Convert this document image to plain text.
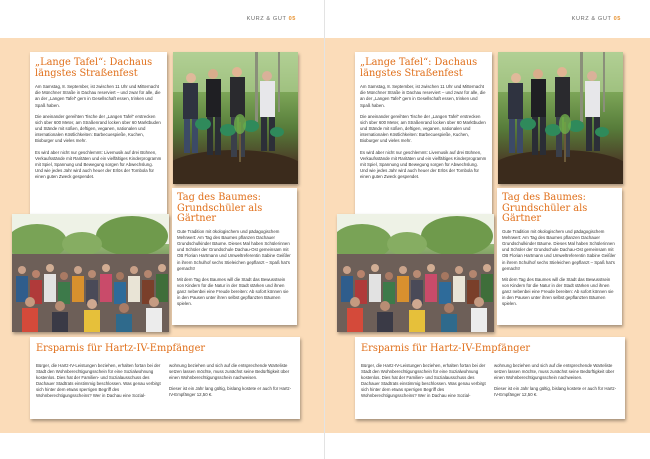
KURZ & GUT 05
„Lange Tafel“: Dachaus längstes Straßenfest

Am Samstag, 8. September, ist zwischen 11 Uhr und Mitternacht die Münchner Straße in Dachau reserviert – und zwar für alle, die an der „Langen Tafel“ gern in Gesellschaft essen, trinken und Spaß haben.

Die aneinander gereihten Tische der „Langen Tafel“ erstrecken sich über 600 Meter, am Straßenrand locken über 60 Marktbuden und Stände mit süßen, deftigen, veganen, nationalen und internationalen Köstlichkeiten: Barbecuespieße, Kuchen, Bioburger und vieles mehr.

Es wird aber nicht nur geschlemmt: Livemusik auf drei Bühnen, Verkaufsstände mit Raritäten und ein vielfältiges Kinderprogramm mit Spiel, Spannung und Bewegung sorgen für Abwechslung. Und wie jedes Jahr wird auch heuer der Erlös der Tombola für einen guten Zweck gespendet.

Tag des Baumes: Grundschüler als Gärtner

Gute Tradition mit ökologischem und pädagogischem Mehrwert: Am Tag des Baumes pflanzen Dachauer Grundschulkinder Bäume. Dieses Mal haben Schülerinnen und Schüler der Grundschule Dachau-Ost gemeinsam mit OB Florian Hartmann und Umweltreferentin Sabine Geißler in ihrem Schulhof sechs Stieleichen gepflanzt – Spaß hat's gemacht!

Mit dem Tag des Baumes will die Stadt das Bewusstsein von Kindern für die Natur in der Stadt stärken und ihnen ganz nebenbei eine Freude bereiten: Ab sofort können sie in den Pausen unter ihren selbst gepflanzten Bäumen spielen.

Ersparnis für Hartz-IV-Empfänger

Bürger, die Hartz-IV-Leistungen beziehen, erhalten fortan bei der Stadt den Wohnberechtigungsschein für eine Sozialwohnung kostenlos. Dies hat der Familien- und Sozialausschuss des Dachauer Stadtrats einstimmig beschlossen. Was genau verbirgt sich hinter dem etwas sperrigen Begriff des Wohnberechtigungsscheins? Wer in Dachau eine Sozial-

wohnung beziehen und sich auf die entsprechende Warteliste setzen lassen möchte, muss zunächst seine Bedürftigkeit über einen Wohnberechtigungsschein nachweisen.

Dieser ist ein Jahr lang gültig, bislang kostete er auch für Hartz-IV-Empfänger 12,50 €.

KURZ & GUT 05
„Lange Tafel“: Dachaus längstes Straßenfest

Am Samstag, 8. September, ist zwischen 11 Uhr und Mitternacht die Münchner Straße in Dachau reserviert – und zwar für alle, die an der „Langen Tafel“ gern in Gesellschaft essen, trinken und Spaß haben.

Die aneinander gereihten Tische der „Langen Tafel“ erstrecken sich über 600 Meter, am Straßenrand locken über 60 Marktbuden und Stände mit süßen, deftigen, veganen, nationalen und internationalen Köstlichkeiten: Barbecuespieße, Kuchen, Bioburger und vieles mehr.

Es wird aber nicht nur geschlemmt: Livemusik auf drei Bühnen, Verkaufsstände mit Raritäten und ein vielfältiges Kinderprogramm mit Spiel, Spannung und Bewegung sorgen für Abwechslung. Und wie jedes Jahr wird auch heuer der Erlös der Tombola für einen guten Zweck gespendet.

Tag des Baumes: Grundschüler als Gärtner

Gute Tradition mit ökologischem und pädagogischem Mehrwert: Am Tag des Baumes pflanzen Dachauer Grundschulkinder Bäume. Dieses Mal haben Schülerinnen und Schüler der Grundschule Dachau-Ost gemeinsam mit OB Florian Hartmann und Umweltreferentin Sabine Geißler in ihrem Schulhof sechs Stieleichen gepflanzt – Spaß hat's gemacht!

Mit dem Tag des Baumes will die Stadt das Bewusstsein von Kindern für die Natur in der Stadt stärken und ihnen ganz nebenbei eine Freude bereiten: Ab sofort können sie in den Pausen unter ihren selbst gepflanzten Bäumen spielen.

Ersparnis für Hartz-IV-Empfänger

Bürger, die Hartz-IV-Leistungen beziehen, erhalten fortan bei der Stadt den Wohnberechtigungsschein für eine Sozialwohnung kostenlos. Dies hat der Familien- und Sozialausschuss des Dachauer Stadtrats einstimmig beschlossen. Was genau verbirgt sich hinter dem etwas sperrigen Begriff des Wohnberechtigungsscheins? Wer in Dachau eine Sozial-

wohnung beziehen und sich auf die entsprechende Warteliste setzen lassen möchte, muss zunächst seine Bedürftigkeit über einen Wohnberechtigungsschein nachweisen.

Dieser ist ein Jahr lang gültig, bislang kostete er auch für Hartz-IV-Empfänger 12,50 €.
